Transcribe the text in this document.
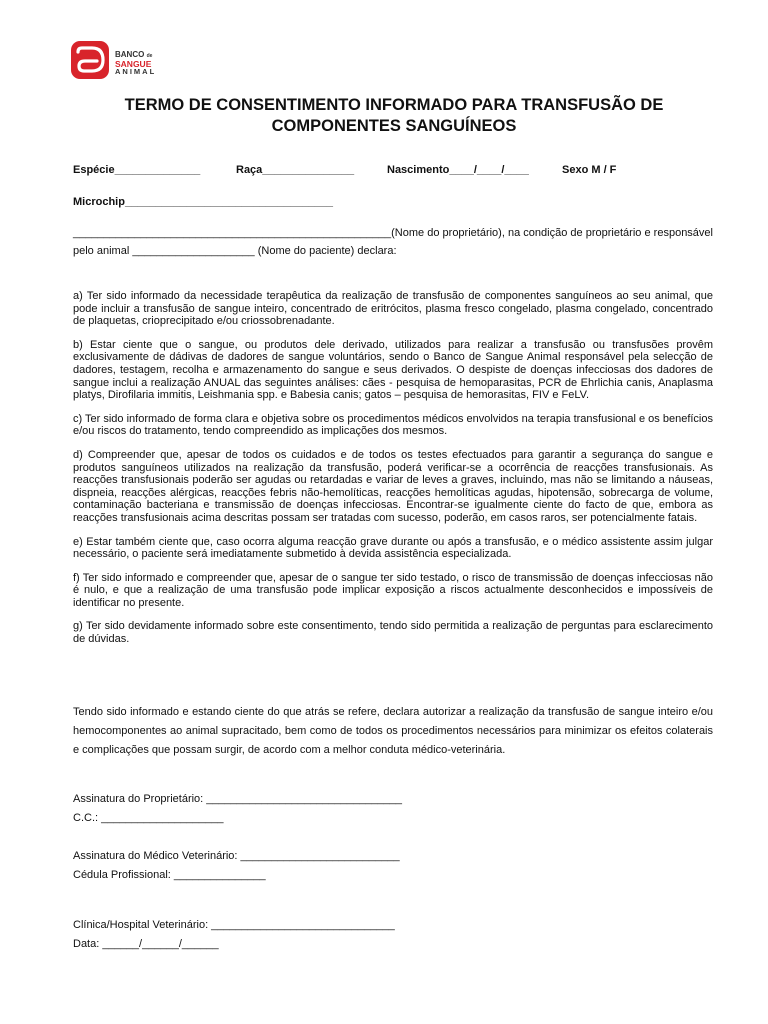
BANCO de
SANGUE
ANIMAL
TERMO DE CONSENTIMENTO INFORMADO PARA TRANSFUSÃO DE
COMPONENTES SANGUÍNEOS
Espécie______________	Raça_______________	Nascimento____/____/____	Sexo M / F
Microchip__________________________________

____________________________________________________(Nome do proprietário), na condição de proprietário e responsável pelo animal ____________________ (Nome do paciente) declara:

a) Ter sido informado da necessidade terapêutica da realização de transfusão de componentes sanguíneos ao seu animal, que pode incluir a transfusão de sangue inteiro, concentrado de eritrócitos, plasma fresco congelado, plasma congelado, concentrado de plaquetas, crioprecipitado e/ou criossobrenadante.

b) Estar ciente que o sangue, ou produtos dele derivado, utilizados para realizar a transfusão ou transfusões provêm exclusivamente de dádivas de dadores de sangue voluntários, sendo o Banco de Sangue Animal responsável pela selecção de dadores, testagem, recolha e armazenamento do sangue e seus derivados. O despiste de doenças infecciosas dos dadores de sangue inclui a realização ANUAL das seguintes análises: cães - pesquisa de hemoparasitas, PCR de Ehrlichia canis, Anaplasma platys, Dirofilaria immitis, Leishmania spp. e Babesia canis; gatos – pesquisa de hemorasitas, FIV e FeLV.

c) Ter sido informado de forma clara e objetiva sobre os procedimentos médicos envolvidos na terapia transfusional e os benefícios e/ou riscos do tratamento, tendo compreendido as implicações dos mesmos.

d) Compreender que, apesar de todos os cuidados e de todos os testes efectuados para garantir a segurança do sangue e produtos sanguíneos utilizados na realização da transfusão, poderá verificar-se a ocorrência de reacções transfusionais. As reacções transfusionais poderão ser agudas ou retardadas e variar de leves a graves, incluindo, mas não se limitando a náuseas, dispneia, reacções alérgicas, reacções febris não-hemolíticas, reacções hemolíticas agudas, hipotensão, sobrecarga de volume, contaminação bacteriana e transmissão de doenças infecciosas. Encontrar-se igualmente ciente do facto de que, embora as reacções transfusionais acima descritas possam ser tratadas com sucesso, poderão, em casos raros, ser potencialmente fatais.

e) Estar também ciente que, caso ocorra alguma reacção grave durante ou após a transfusão, e o médico assistente assim julgar necessário, o paciente será imediatamente submetido à devida assistência especializada.

f) Ter sido informado e compreender que, apesar de o sangue ter sido testado, o risco de transmissão de doenças infecciosas não é nulo, e que a realização de uma transfusão pode implicar exposição a riscos actualmente desconhecidos e impossíveis de identificar no presente.

g) Ter sido devidamente informado sobre este consentimento, tendo sido permitida a realização de perguntas para esclarecimento de dúvidas.

Tendo sido informado e estando ciente do que atrás se refere, declara autorizar a realização da transfusão de sangue inteiro e/ou hemocomponentes ao animal supracitado, bem como de todos os procedimentos necessários para minimizar os efeitos colaterais e complicações que possam surgir, de acordo com a melhor conduta médico-veterinária.

Assinatura do Proprietário: ________________________________
C.C.: ____________________
Assinatura do Médico Veterinário: __________________________
Cédula Profissional: _______________
Clínica/Hospital Veterinário: ______________________________
Data: ______/______/______
